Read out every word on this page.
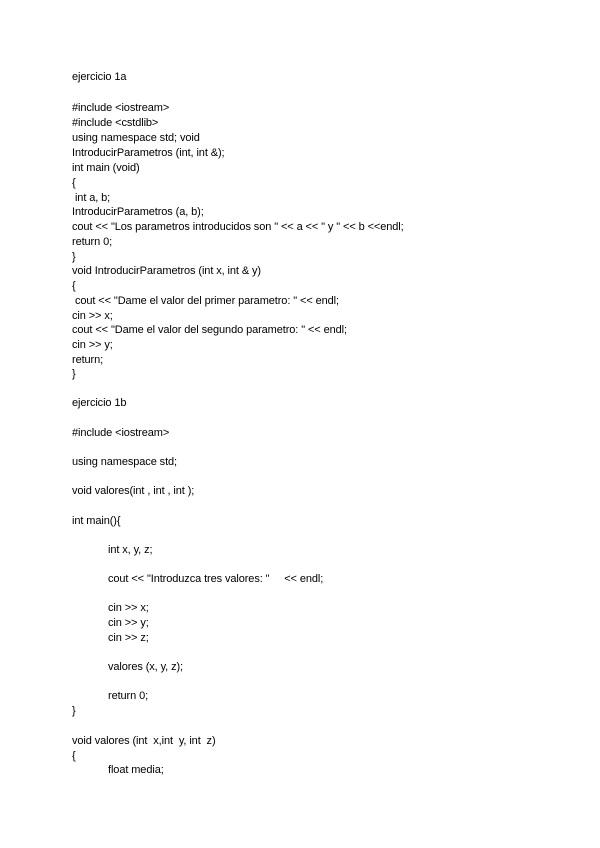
ejercicio 1a
#include <iostream>
#include <cstdlib>
using namespace std; void
IntroducirParametros (int, int &);
int main (void)
{
int a, b;
IntroducirParametros (a, b);
cout << "Los parametros introducidos son " << a << " y " << b <<endl;
return 0;
}
void IntroducirParametros (int x, int & y)
{
cout << "Dame el valor del primer parametro: " << endl;
cin >> x;
cout << "Dame el valor del segundo parametro: " << endl;
cin >> y;
return;
}
ejercicio 1b
#include <iostream>
using namespace std;
void valores(int , int , int );
int main(){
int x, y, z;
cout << "Introduzca tres valores: "     << endl;
cin >> x;
cin >> y;
cin >> z;
valores (x, y, z);
return 0;
}
void valores (int  x,int  y, int  z)
{
float media;
